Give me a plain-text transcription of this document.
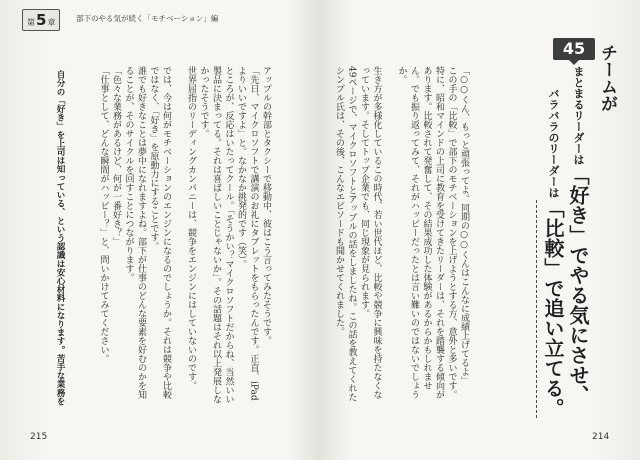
第 5 章	部下のやる気が続く「モチベーション」編

アップルの幹部とタクシーで移動中、彼はこう言ってみたそうです。

「先日、マイクロソフトで講演のお礼にタブレットをもらったんです。正直、iPadよりいいですよ」と。なかなか挑発的です（笑）。

ところが、反応はいたってクール。「そうかい？マイクロソフトだからね、当然いい製品に決まってる。それは喜ばしいことじゃないか」。その話題はそれ以上発展しなかったそうです。

世界屈指のリーディングカンパニーは、競争をエンジンにはしていないのです。

では、今は何がモチベーションのエンジンになるのでしょうか。それは競争や比較ではなく、「好き」を原動力にすることです。

誰でも好きなことは夢中になれますよね。部下が仕事のどんな要素を好むのかを知ることが、そのサイクルを回すことにつながります。

「色々な業務があるけど、何が一番好き？」

「仕事として、どんな瞬間がハッピー？」と、問いかけてみてください。

自分の「好き」を上司は知っている、という認識は安心材料になります。苦手な業務を
215
45 チームが
まとまるリーダーは「好き」でやる気にさせ、
バラバラのリーダーは「比較」で追い立てる。

「○○くん、もっと頑張ってよ。同期の○○くんはこんなに成績上げてるよ」

この手の「比較」で部下のモチベーションを上げようとする方、意外と多いです。

特に、昭和マインドの上司に教育を受けてきたリーダーは、それを踏襲する傾向があります。比較されて発奮して、その結果成功した体験があるからかもしれません。でも振り返ってみて、それがハッピーだったとは言い難いのではないでしょうか。

生き方が多様化しているこの時代、若い世代ほど、比較や競争に興味を持たなくなっています。そしてトップ企業でも、同じ現象が見られます。

49ページで、マイクロソフトとアップルの話をしましたね。この話を教えてくれたシンプル氏は、その後、こんなエピソードも聞かせてくれました。

214
